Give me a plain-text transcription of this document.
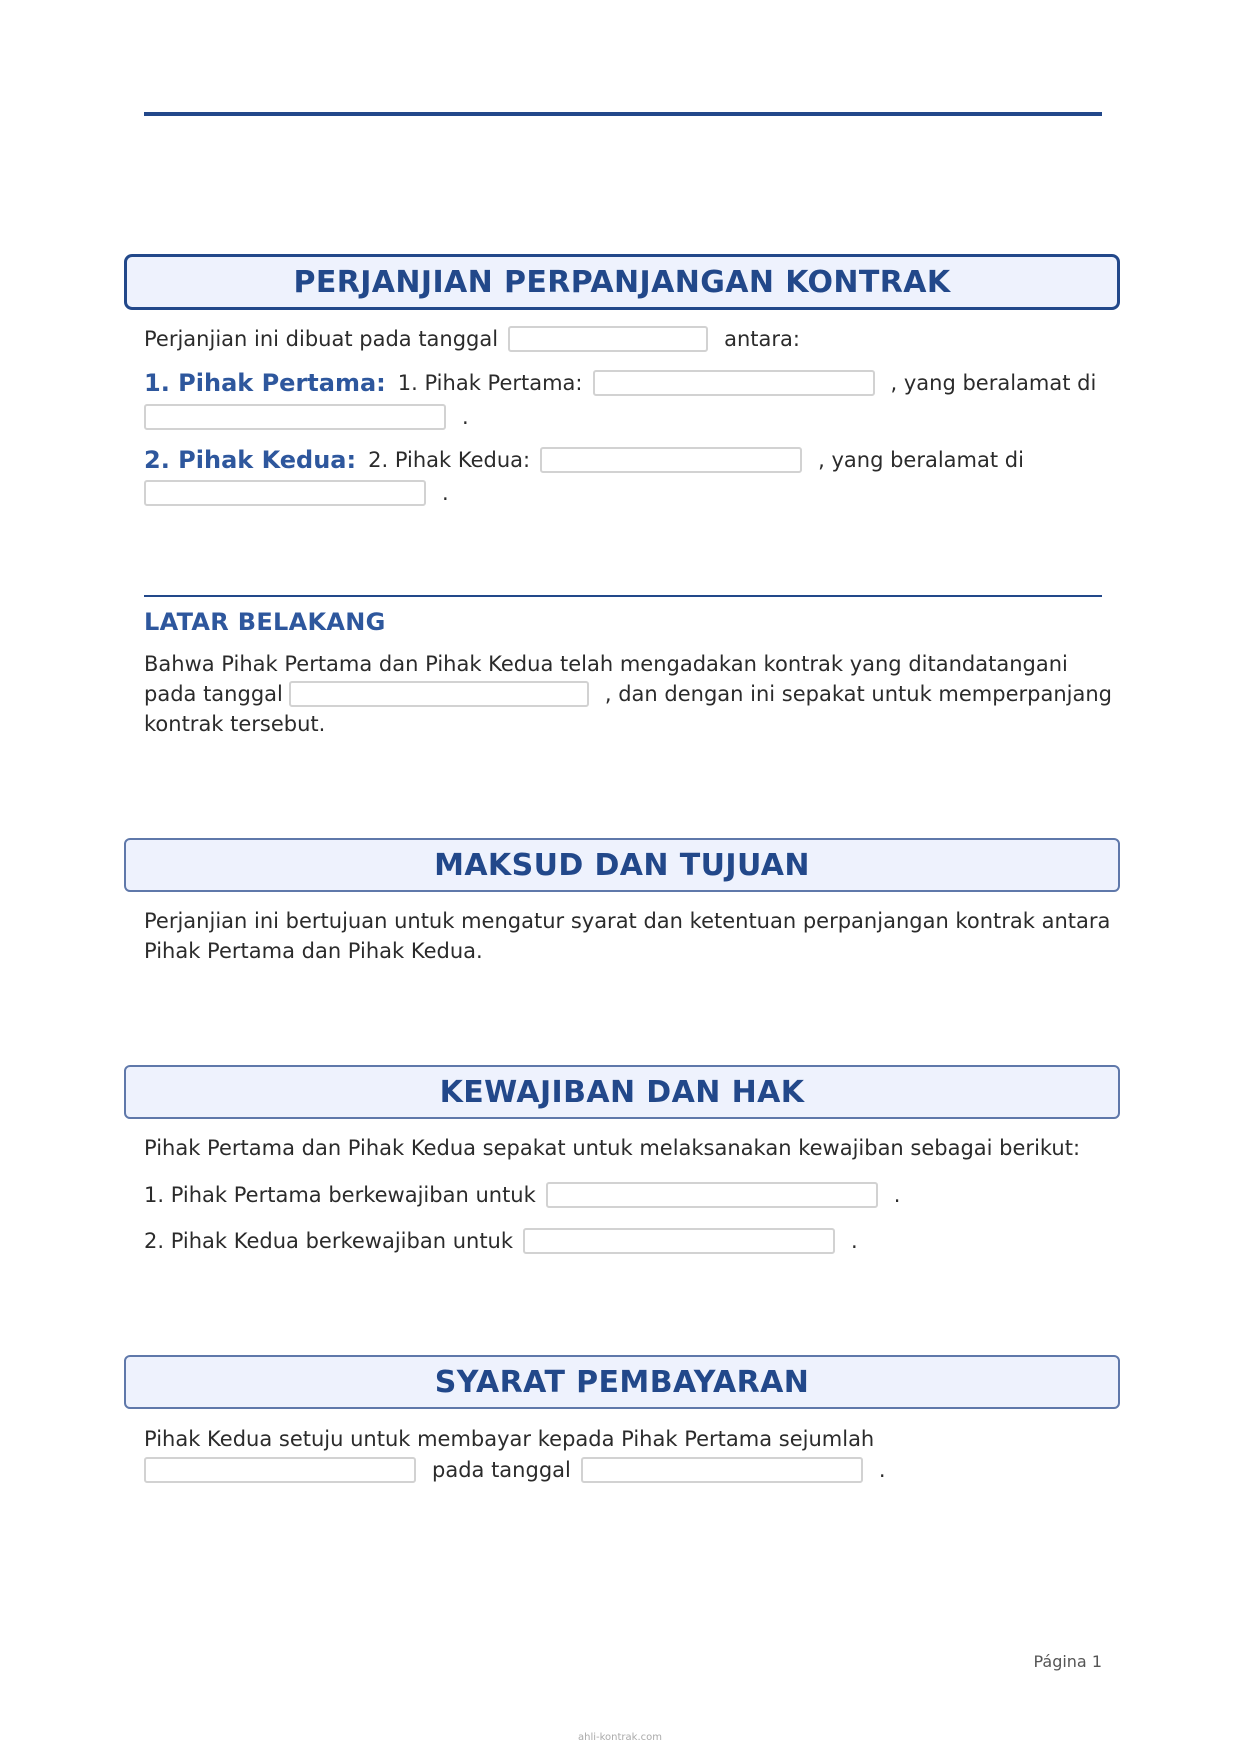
PERJANJIAN PERPANJANGAN KONTRAK
Perjanjian ini dibuat pada tanggal	antara:
1. Pihak Pertama: 1. Pihak Pertama:	, yang beralamat di
.
2. Pihak Kedua: 2. Pihak Kedua:	, yang beralamat di
.
LATAR BELAKANG
Bahwa Pihak Pertama dan Pihak Kedua telah mengadakan kontrak yang ditandatangani
pada tanggal	, dan dengan ini sepakat untuk memperpanjang
kontrak tersebut.
MAKSUD DAN TUJUAN
Perjanjian ini bertujuan untuk mengatur syarat dan ketentuan perpanjangan kontrak antara
Pihak Pertama dan Pihak Kedua.
KEWAJIBAN DAN HAK
Pihak Pertama dan Pihak Kedua sepakat untuk melaksanakan kewajiban sebagai berikut:
1. Pihak Pertama berkewajiban untuk	.
2. Pihak Kedua berkewajiban untuk	.
SYARAT PEMBAYARAN
Pihak Kedua setuju untuk membayar kepada Pihak Pertama sejumlah
pada tanggal	.
Página 1
ahli-kontrak.com
